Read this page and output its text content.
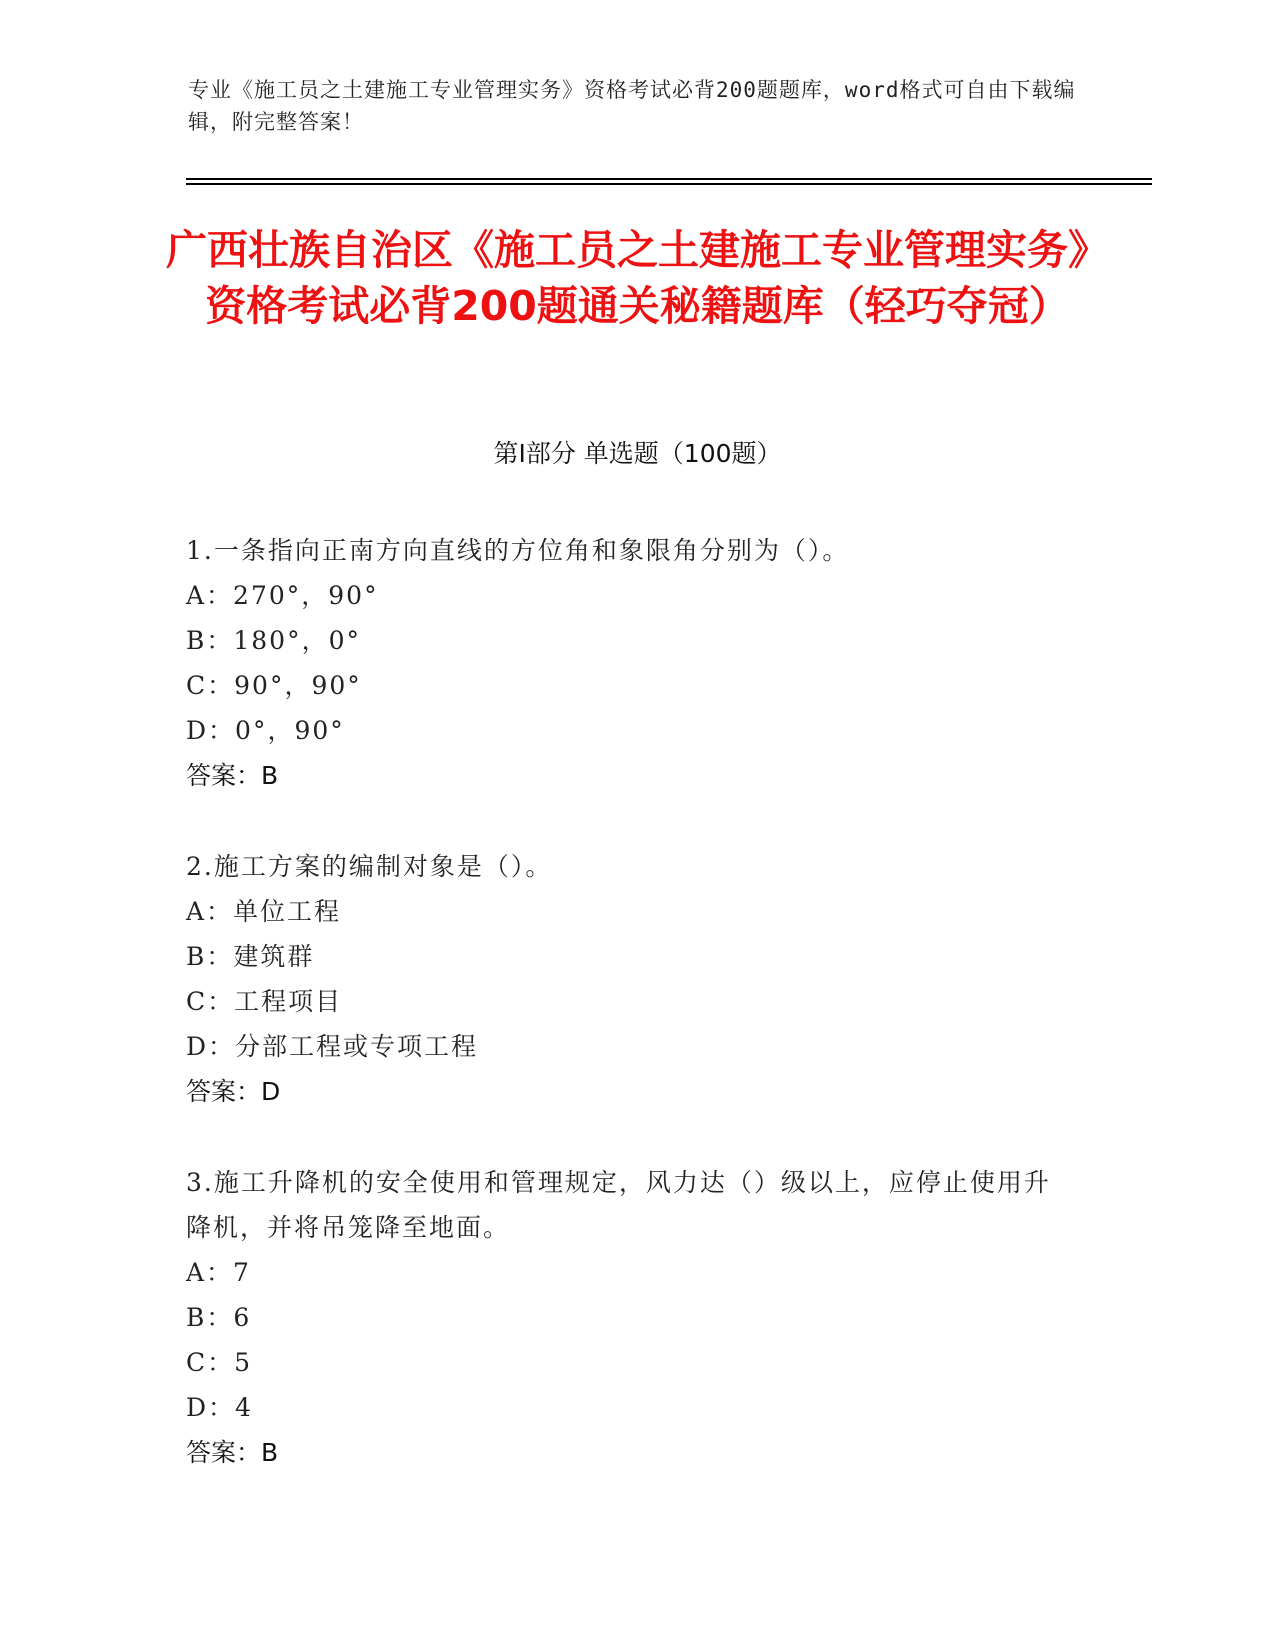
专业《施工员之土建施工专业管理实务》资格考试必背200题题库，word格式可自由下载编辑，附完整答案！
广西壮族自治区《施工员之土建施工专业管理实务》资格考试必背200题通关秘籍题库（轻巧夺冠）
第Ⅰ部分 单选题（100题）
1.一条指向正南方向直线的方位角和象限角分别为（）。
A：270°，90°
B：180°，0°
C：90°，90°
D：0°，90°
答案：B
2.施工方案的编制对象是（）。
A：单位工程
B：建筑群
C：工程项目
D：分部工程或专项工程
答案：D
3.施工升降机的安全使用和管理规定，风力达（）级以上，应停止使用升降机，并将吊笼降至地面。
A：7
B：6
C：5
D：4
答案：B
